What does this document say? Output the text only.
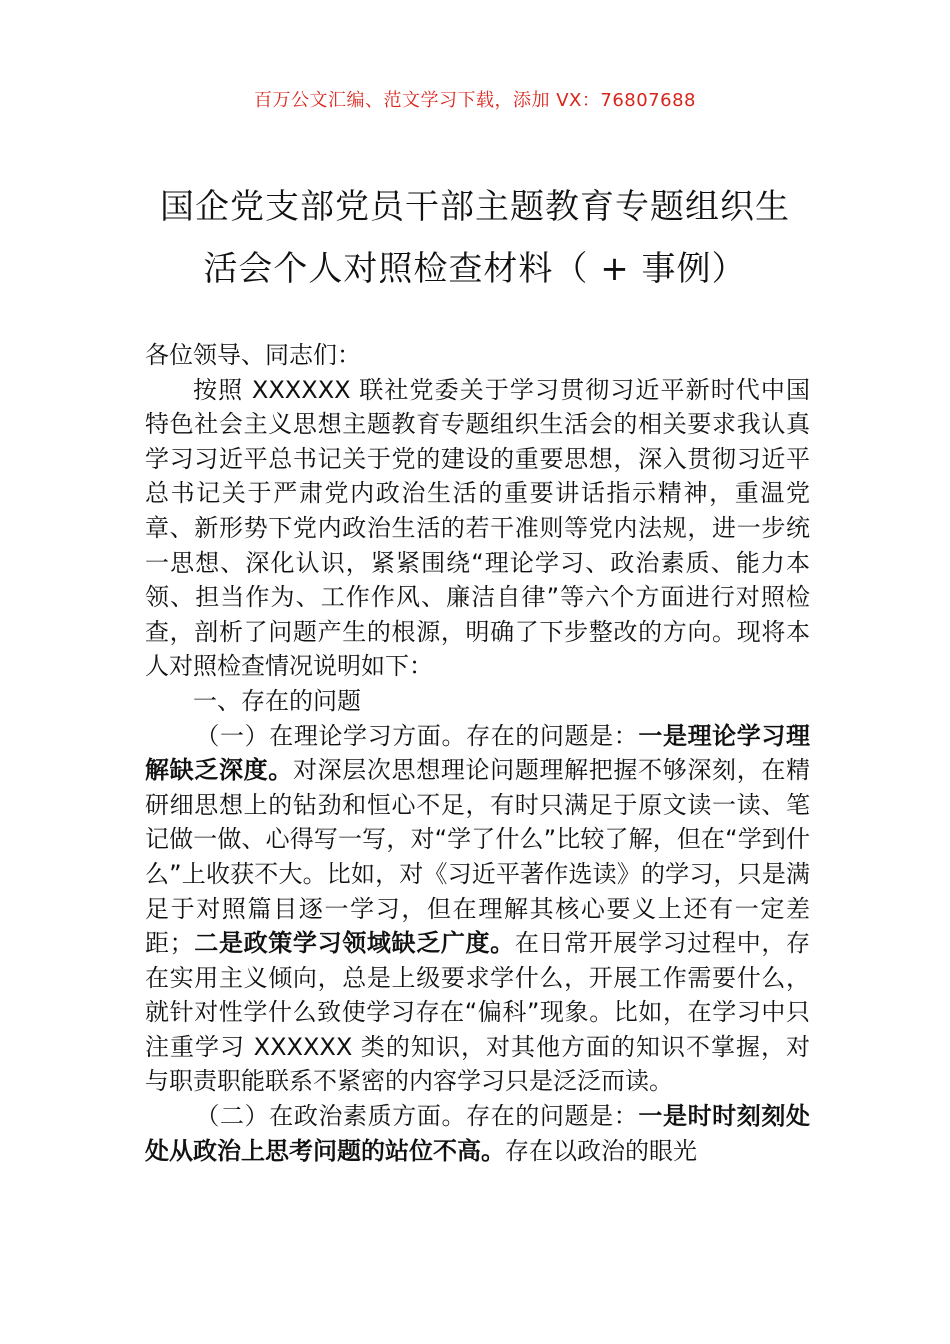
百万公文汇编、范文学习下载，添加 VX：76807688
国企党支部党员干部主题教育专题组织生
活会个人对照检查材料（ + 事例）

各位领导、同志们：

按照 XXXXXX 联社党委关于学习贯彻习近平新时代中国特色社会主义思想主题教育专题组织生活会的相关要求我认真学习习近平总书记关于党的建设的重要思想，深入贯彻习近平总书记关于严肃党内政治生活的重要讲话指示精神，重温党章、新形势下党内政治生活的若干准则等党内法规，进一步统一思想、深化认识，紧紧围绕“理论学习、政治素质、能力本领、担当作为、工作作风、廉洁自律”等六个方面进行对照检查，剖析了问题产生的根源，明确了下步整改的方向。现将本人对照检查情况说明如下：

一、存在的问题

（一）在理论学习方面。存在的问题是：一是理论学习理解缺乏深度。对深层次思想理论问题理解把握不够深刻，在精研细思想上的钻劲和恒心不足，有时只满足于原文读一读、笔记做一做、心得写一写，对“学了什么”比较了解，但在“学到什么”上收获不大。比如，对《习近平著作选读》的学习，只是满足于对照篇目逐一学习，但在理解其核心要义上还有一定差距；二是政策学习领域缺乏广度。在日常开展学习过程中，存在实用主义倾向，总是上级要求学什么，开展工作需要什么，就针对性学什么致使学习存在“偏科”现象。比如，在学习中只注重学习 XXXXXX 类的知识，对其他方面的知识不掌握，对与职责职能联系不紧密的内容学习只是泛泛而读。

（二）在政治素质方面。存在的问题是：一是时时刻刻处处从政治上思考问题的站位不高。存在以政治的眼光
